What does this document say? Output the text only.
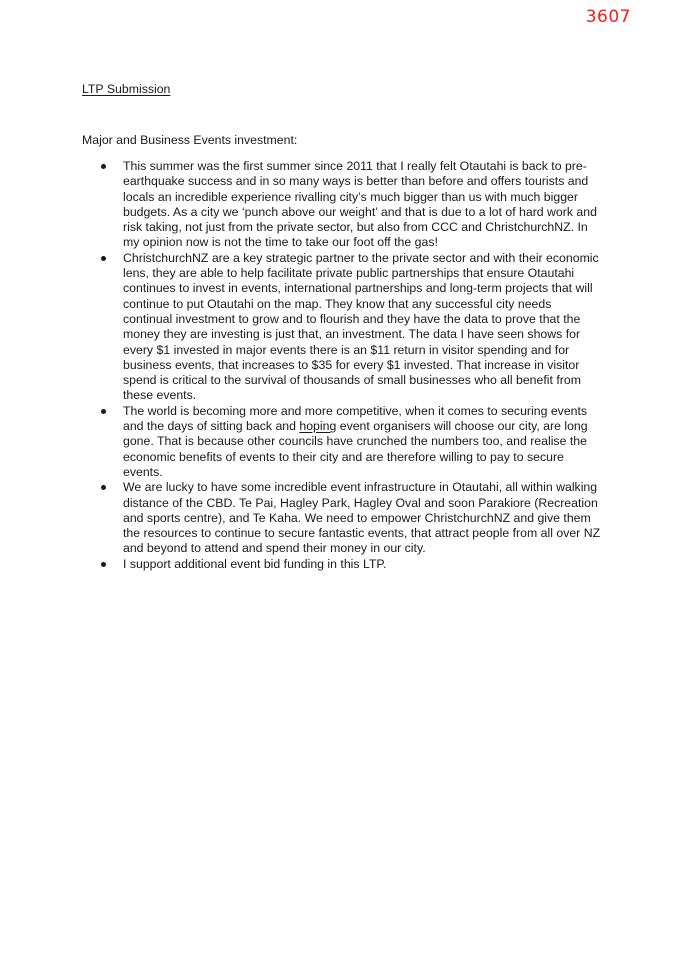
3607
LTP Submission
Major and Business Events investment:
This summer was the first summer since 2011 that I really felt Otautahi is back to pre-earthquake success and in so many ways is better than before and offers tourists and locals an incredible experience rivalling city’s much bigger than us with much bigger budgets. As a city we ‘punch above our weight’ and that is due to a lot of hard work and risk taking, not just from the private sector, but also from CCC and ChristchurchNZ. In my opinion now is not the time to take our foot off the gas!
ChristchurchNZ are a key strategic partner to the private sector and with their economic lens, they are able to help facilitate private public partnerships that ensure Otautahi continues to invest in events, international partnerships and long-term projects that will continue to put Otautahi on the map. They know that any successful city needs continual investment to grow and to flourish and they have the data to prove that the money they are investing is just that, an investment. The data I have seen shows for every $1 invested in major events there is an $11 return in visitor spending and for business events, that increases to $35 for every $1 invested. That increase in visitor spend is critical to the survival of thousands of small businesses who all benefit from these events.
The world is becoming more and more competitive, when it comes to securing events and the days of sitting back and hoping event organisers will choose our city, are long gone. That is because other councils have crunched the numbers too, and realise the economic benefits of events to their city and are therefore willing to pay to secure events.
We are lucky to have some incredible event infrastructure in Otautahi, all within walking distance of the CBD. Te Pai, Hagley Park, Hagley Oval and soon Parakiore (Recreation and sports centre), and Te Kaha. We need to empower ChristchurchNZ and give them the resources to continue to secure fantastic events, that attract people from all over NZ and beyond to attend and spend their money in our city.
I support additional event bid funding in this LTP.
